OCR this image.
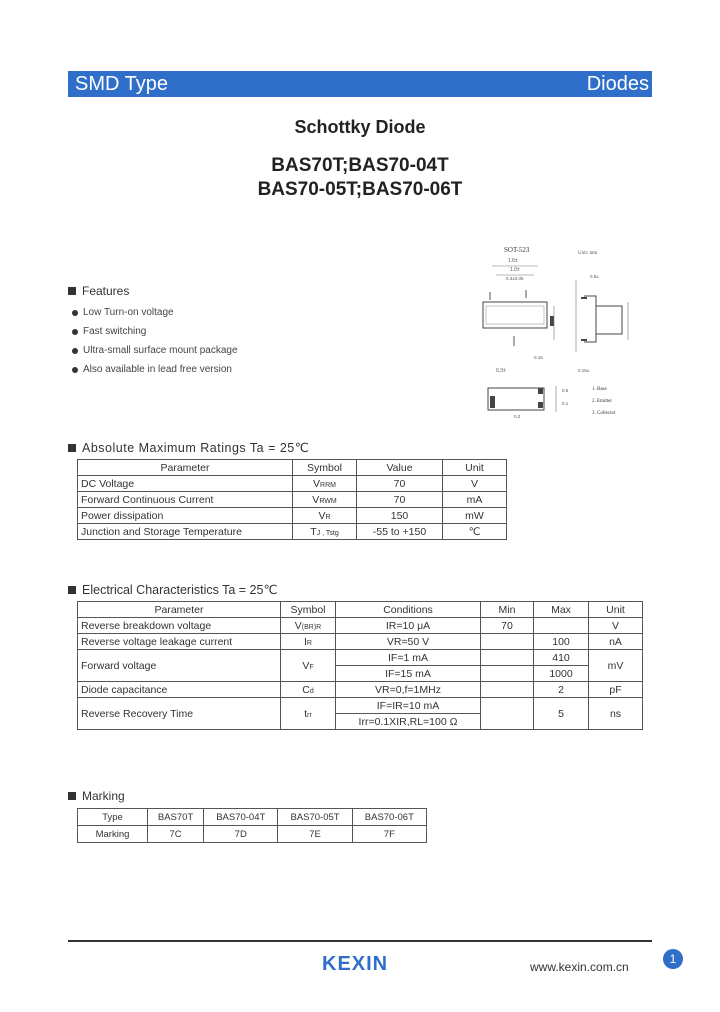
SMD Type	Diodes
Schottky Diode
BAS70T;BAS70-04T
BAS70-05T;BAS70-06T
SOT-523	Unit: mm
1.6±
1.0±
0.3±0.05
0.15
0.8±
0.15±
0.3±
0.5
0.1
0.2
1. Base
2. Emitter
3. Collector
Features
Low Turn-on voltage
Fast switching
Ultra-small surface mount package
Also available in lead free version
Absolute Maximum Ratings Ta = 25℃
Parameter	Symbol	Value	Unit
DC Voltage	VRRM	70	V
Forward Continuous Current	VRWM	70	mA
Power dissipation	VR	150	mW
Junction and Storage Temperature	TJ , Tstg	-55 to +150	℃
Electrical Characteristics Ta = 25℃
Parameter	Symbol	Conditions	Min	Max	Unit
Reverse breakdown voltage	V(BR)R	IR=10 μA	70		V
Reverse voltage leakage current	IR	VR=50 V		100	nA
Forward voltage	VF	IF=1 mA		410	mV
		IF=15 mA		1000	
Diode capacitance	Cd	VR=0,f=1MHz		2	pF
Reverse Recovery Time	trr	IF=IR=10 mA		5	ns
		Irr=0.1XIR,RL=100 Ω			
Marking
Type	BAS70T	BAS70-04T	BAS70-05T	BAS70-06T
Marking	7C	7D	7E	7F
KEXIN	www.kexin.com.cn
1
